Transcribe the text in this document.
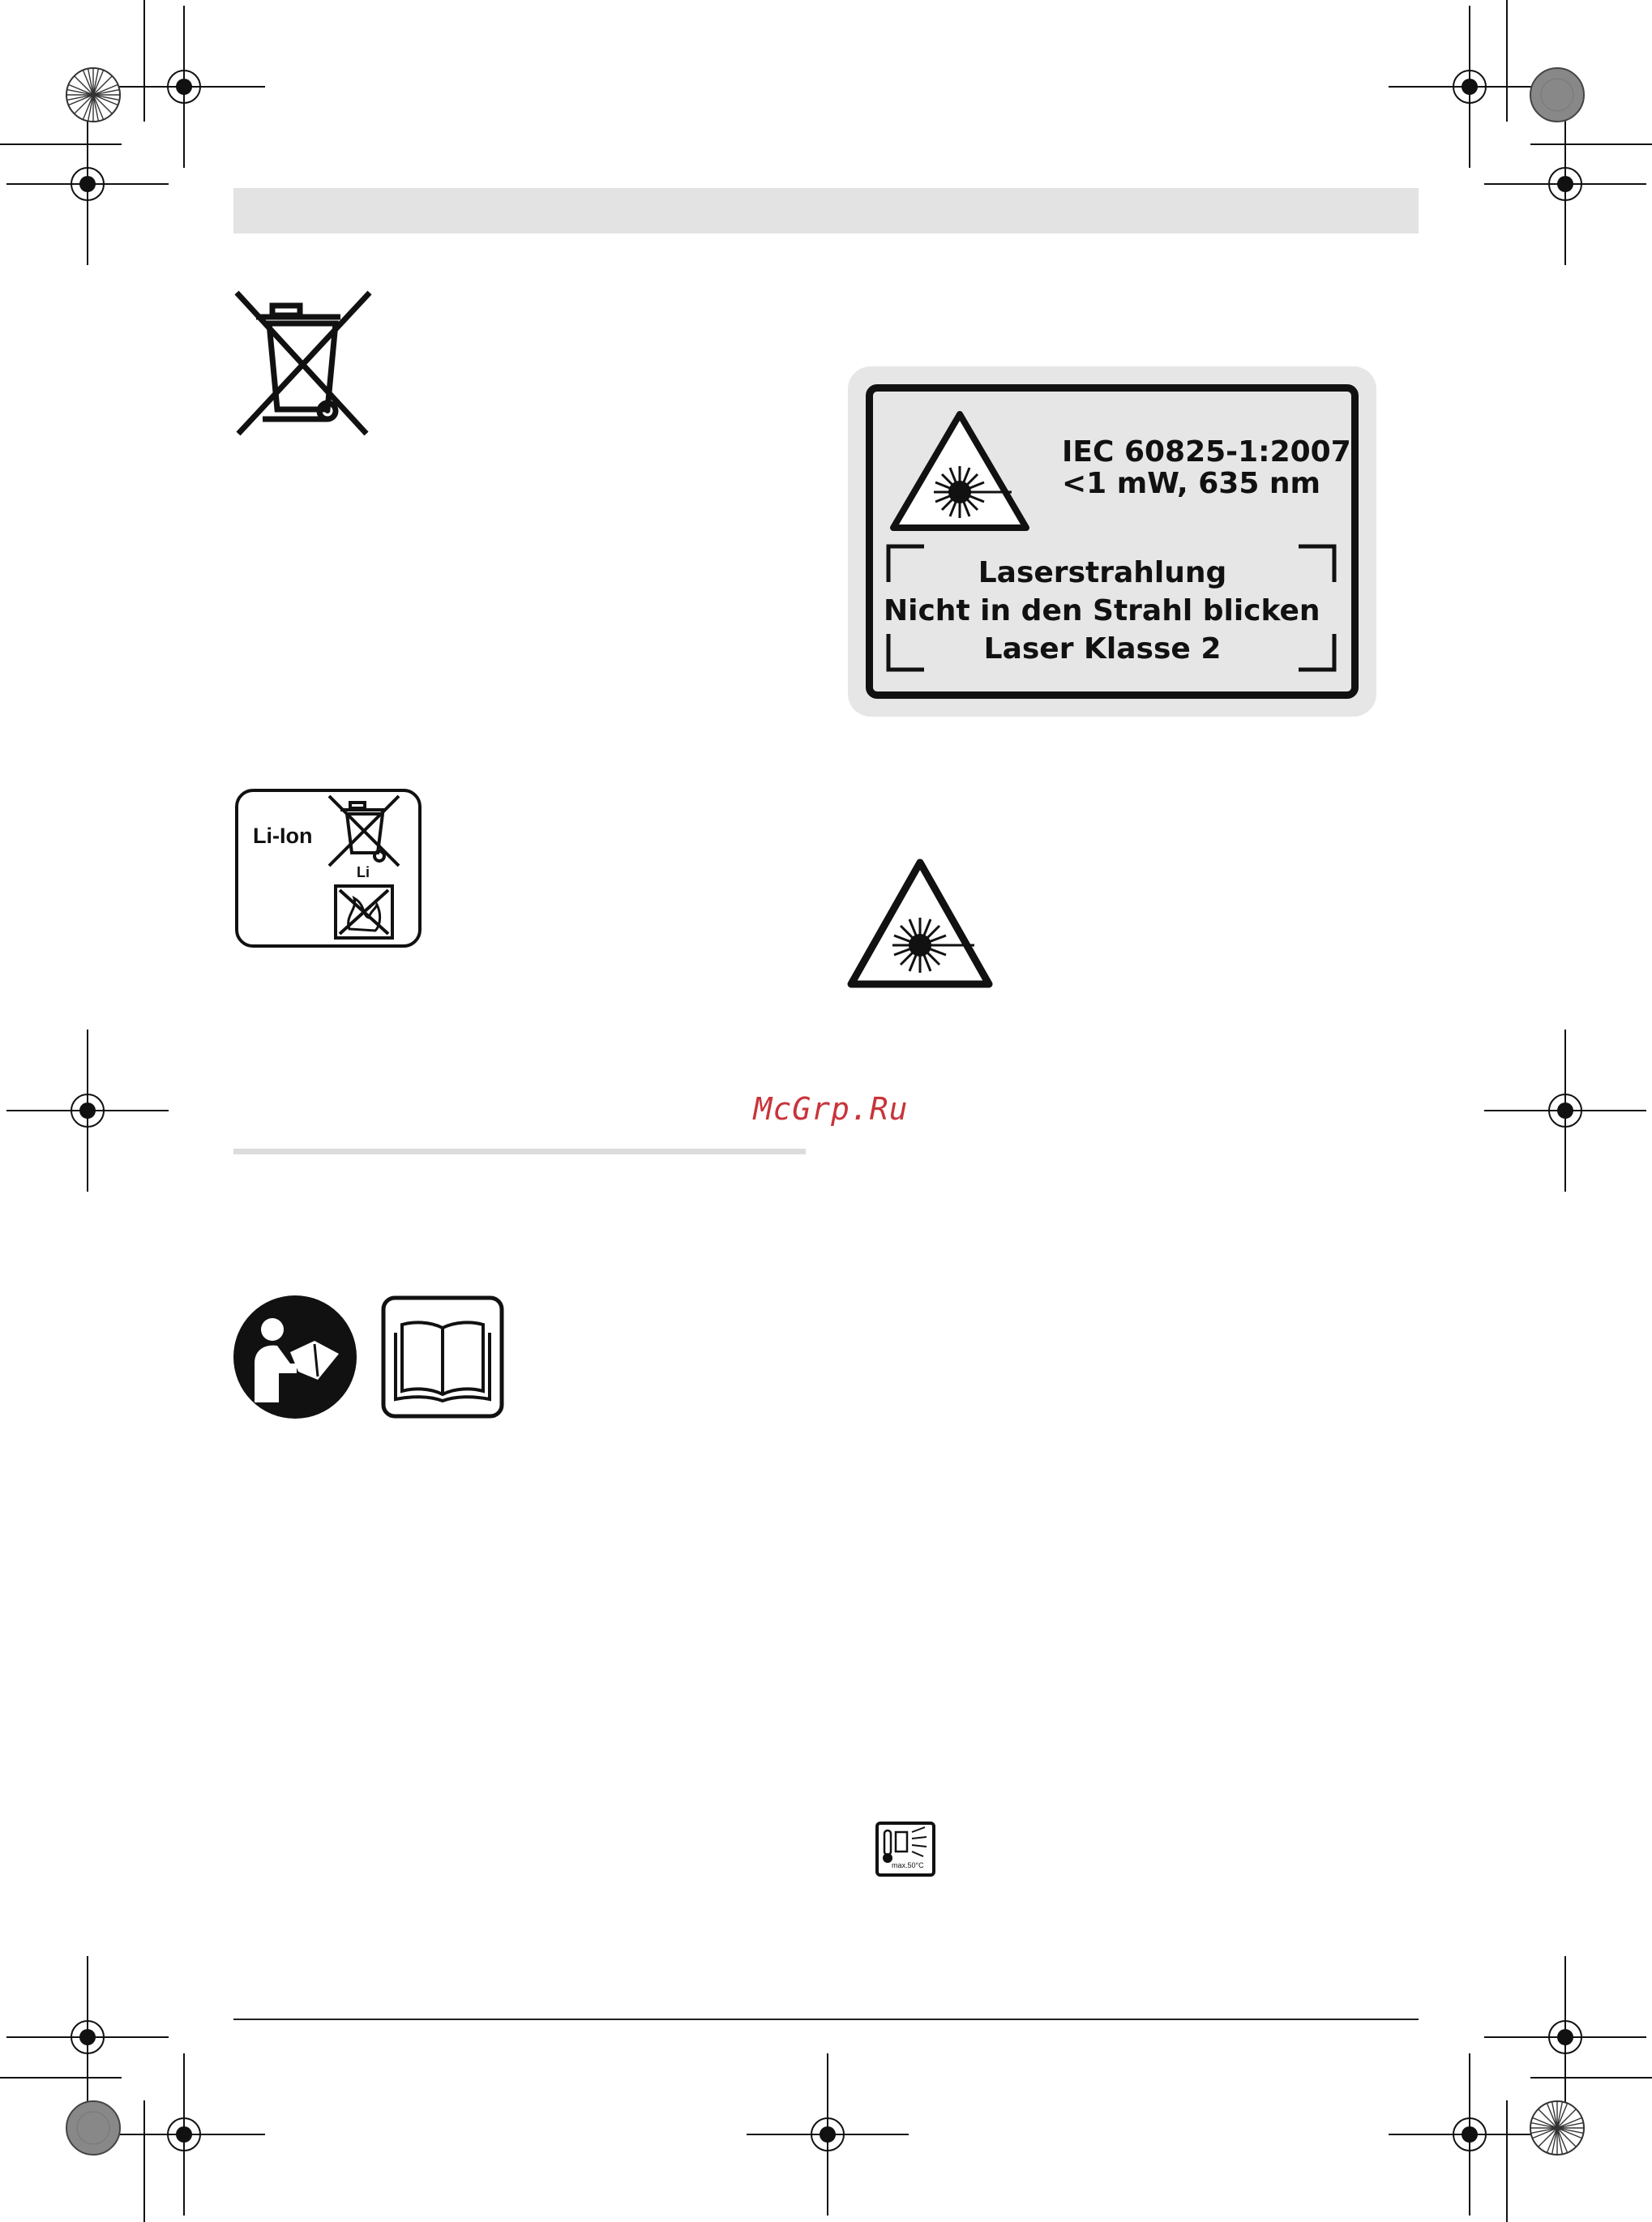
IEC 60825-1:2007
<1 mW, 635 nm
Laserstrahlung
Nicht in den Strahl blicken
Laser Klasse 2
Li-Ion
Li
McGrp.Ru
max.50°C
